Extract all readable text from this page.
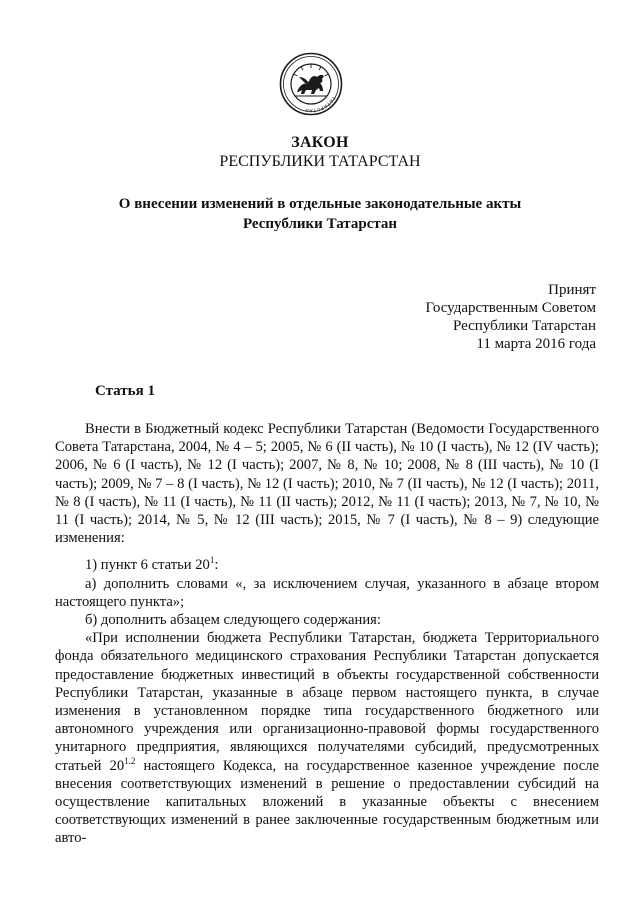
ТАТАРСТАН
ЗАКОН
РЕСПУБЛИКИ ТАТАРСТАН
О внесении изменений в отдельные законодательные акты
Республики Татарстан
Принят
Государственным Советом
Республики Татарстан
11 марта 2016 года
Статья 1

Внести в Бюджетный кодекс Республики Татарстан (Ведомости Государственного Совета Татарстана, 2004, № 4 – 5; 2005, № 6 (II часть), № 10 (I часть), № 12 (IV часть); 2006, № 6 (I часть), № 12 (I часть); 2007, № 8, № 10; 2008, № 8 (III часть), № 10 (I часть); 2009, № 7 – 8 (I часть), № 12 (I часть); 2010, № 7 (II часть), № 12 (I часть); 2011, № 8 (I часть), № 11 (I часть), № 11 (II часть); 2012, № 11 (I часть); 2013, № 7, № 10, № 11 (I часть); 2014, № 5, № 12 (III часть); 2015, № 7 (I часть), № 8 – 9) следующие изменения:

1) пункт 6 статьи $20^1$:

а) дополнить словами «, за исключением случая, указанного в абзаце втором настоящего пункта»;

б) дополнить абзацем следующего содержания:

«При исполнении бюджета Республики Татарстан, бюджета Территориального фонда обязательного медицинского страхования Республики Татарстан допускается предоставление бюджетных инвестиций в объекты государственной собственности Республики Татарстан, указанные в абзаце первом настоящего пункта, в случае изменения в установленном порядке типа государственного бюджетного или автономного учреждения или организационно-правовой формы государственного унитарного предприятия, являющихся получателями субсидий, предусмотренных статьей $20^{1.2}$ настоящего Кодекса, на государственное казенное учреждение после внесения соответствующих изменений в решение о предоставлении субсидий на осуществление капитальных вложений в указанные объекты с внесением соответствующих изменений в ранее заключенные государственным бюджетным или авто-
